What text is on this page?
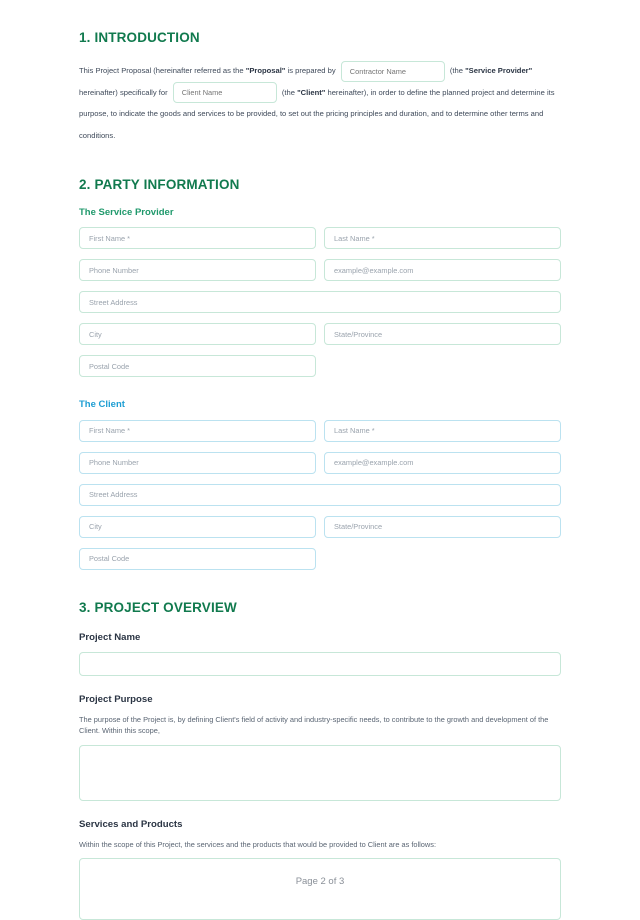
1. INTRODUCTION

This Project Proposal (hereinafter referred as the "Proposal" is prepared by Contractor Name	(the "Service Provider" hereinafter) specifically for Client Name	(the "Client" hereinafter), in order to define the planned project and determine its purpose, to indicate the goods and services to be provided, to set out the pricing principles and duration, and to determine other terms and conditions.

2. PARTY INFORMATION
The Service Provider
First Name *
Last Name *
Phone Number
example@example.com
Street Address
City
State/Province
Postal Code
The Client
First Name *
Last Name *
Phone Number
example@example.com
Street Address
City
State/Province
Postal Code
3. PROJECT OVERVIEW
Project Name
Project Purpose
The purpose of the Project is, by defining Client's field of activity and industry-specific needs, to contribute to the growth and development of the Client. Within this scope,
Services and Products
Within the scope of this Project, the services and the products that would be provided to Client are as follows:
Page 2 of 3
